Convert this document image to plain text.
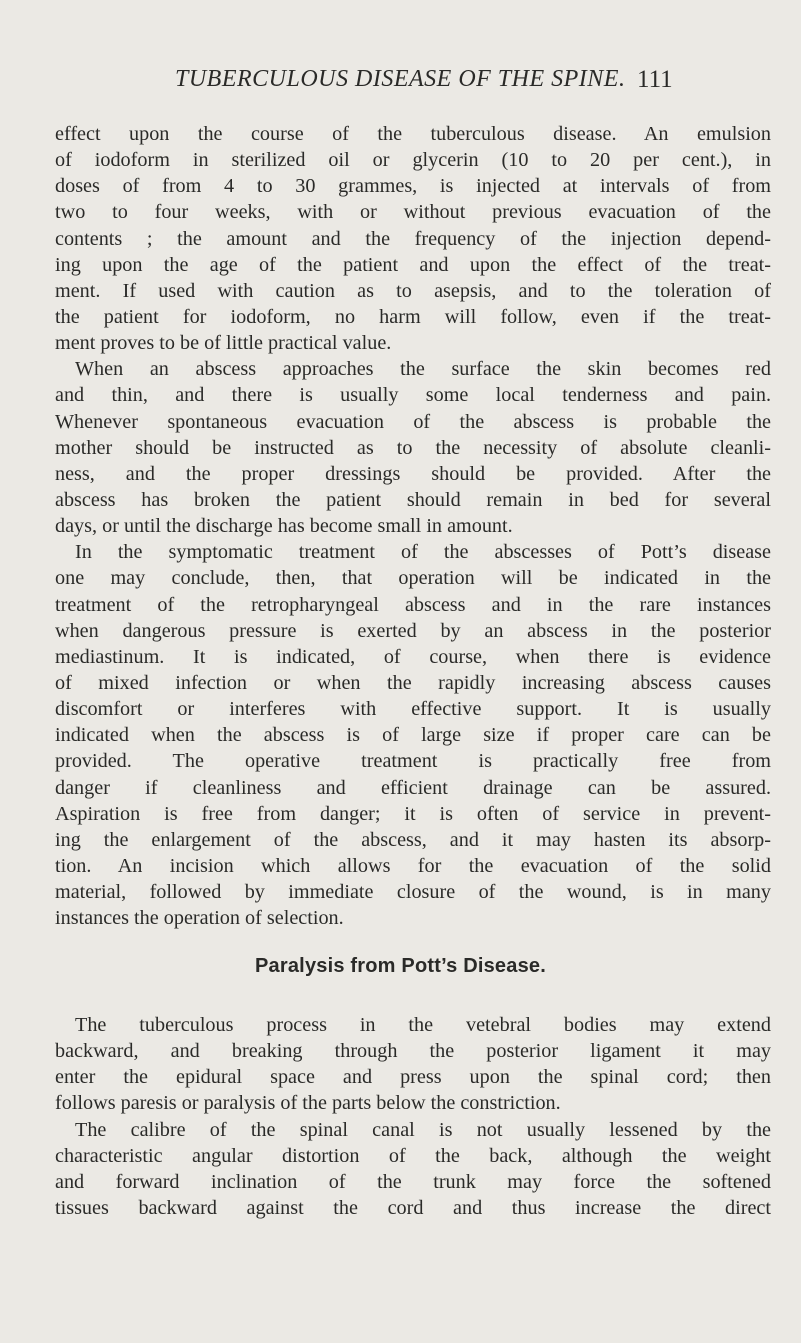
TUBERCULOUS DISEASE OF THE SPINE. 111
effect upon the course of the tuberculous disease. An emulsion
of iodoform in sterilized oil or glycerin (10 to 20 per cent.), in
doses of from 4 to 30 grammes, is injected at intervals of from
two to four weeks, with or without previous evacuation of the
contents ; the amount and the frequency of the injection depend-
ing upon the age of the patient and upon the effect of the treat-
ment. If used with caution as to asepsis, and to the toleration of
the patient for iodoform, no harm will follow, even if the treat-
ment proves to be of little practical value.
When an abscess approaches the surface the skin becomes red
and thin, and there is usually some local tenderness and pain.
Whenever spontaneous evacuation of the abscess is probable the
mother should be instructed as to the necessity of absolute cleanli-
ness, and the proper dressings should be provided. After the
abscess has broken the patient should remain in bed for several
days, or until the discharge has become small in amount.
In the symptomatic treatment of the abscesses of Pott’s disease
one may conclude, then, that operation will be indicated in the
treatment of the retropharyngeal abscess and in the rare instances
when dangerous pressure is exerted by an abscess in the posterior
mediastinum. It is indicated, of course, when there is evidence
of mixed infection or when the rapidly increasing abscess causes
discomfort or interferes with effective support. It is usually
indicated when the abscess is of large size if proper care can be
provided. The operative treatment is practically free from
danger if cleanliness and efficient drainage can be assured.
Aspiration is free from danger; it is often of service in prevent-
ing the enlargement of the abscess, and it may hasten its absorp-
tion. An incision which allows for the evacuation of the solid
material, followed by immediate closure of the wound, is in many
instances the operation of selection.
Paralysis from Pott’s Disease.
The tuberculous process in the vetebral bodies may extend
backward, and breaking through the posterior ligament it may
enter the epidural space and press upon the spinal cord; then
follows paresis or paralysis of the parts below the constriction.
The calibre of the spinal canal is not usually lessened by the
characteristic angular distortion of the back, although the weight
and forward inclination of the trunk may force the softened
tissues backward against the cord and thus increase the direct
